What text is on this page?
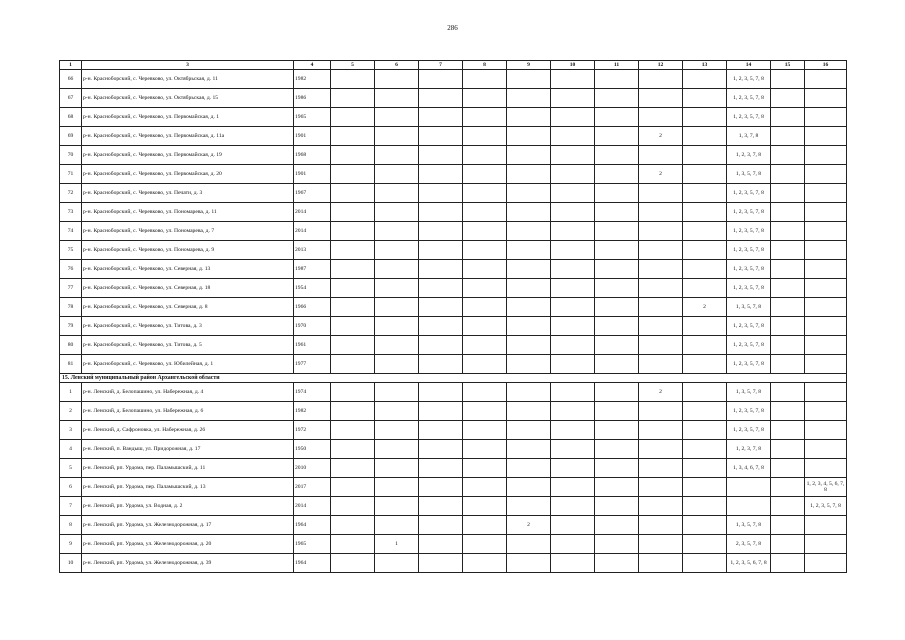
286
1	3	4	5	6	7	8	9	10	11	12	13	14	15	16
66	р-н. Красноборский, с. Черевково, ул. Октябрьская, д. 11	1982										1, 2, 3, 5, 7, 8		
67	р-н. Красноборский, с. Черевково, ул. Октябрьская, д. 15	1986										1, 2, 3, 5, 7, 8		
68	р-н. Красноборский, с. Черевково, ул. Первомайская, д. 1	1965										1, 2, 3, 5, 7, 8		
69	р-н. Красноборский, с. Черевково, ул. Первомайская, д. 11а	1901								2		1, 3, 7, 8		
70	р-н. Красноборский, с. Черевково, ул. Первомайская, д. 19	1968										1, 2, 3, 7, 8		
71	р-н. Красноборский, с. Черевково, ул. Первомайская, д. 20	1901								2		1, 3, 5, 7, 8		
72	р-н. Красноборский, с. Черевково, ул. Печати, д. 3	1967										1, 2, 3, 5, 7, 8		
73	р-н. Красноборский, с. Черевково, ул. Пономарева, д. 11	2014										1, 2, 3, 5, 7, 8		
74	р-н. Красноборский, с. Черевково, ул. Пономарева, д. 7	2014										1, 2, 3, 5, 7, 8		
75	р-н. Красноборский, с. Черевково, ул. Пономарева, д. 9	2013										1, 2, 3, 5, 7, 8		
76	р-н. Красноборский, с. Черевково, ул. Северная, д. 13	1987										1, 2, 3, 5, 7, 8		
77	р-н. Красноборский, с. Черевково, ул. Северная, д. 18	1954										1, 2, 3, 5, 7, 8		
78	р-н. Красноборский, с. Черевково, ул. Северная, д. 8	1966									2	1, 3, 5, 7, 8		
79	р-н. Красноборский, с. Черевково, ул. Титова, д. 3	1970										1, 2, 3, 5, 7, 8		
80	р-н. Красноборский, с. Черевково, ул. Титова, д. 5	1961										1, 2, 3, 5, 7, 8		
81	р-н. Красноборский, с. Черевково, ул. Юбилейная, д. 1	1977										1, 2, 3, 5, 7, 8		
15. Ленский муниципальный район Архангельской области														
1	р-н. Ленский, д. Белопашино, ул. Набережная, д. 4	1974								2		1, 3, 5, 7, 8		
2	р-н. Ленский, д. Белопашино, ул. Набережная, д. 6	1982										1, 2, 3, 5, 7, 8		
3	р-н. Ленский, д. Сафроновка, ул. Набережная, д. 26	1972										1, 2, 3, 5, 7, 8		
4	р-н. Ленский, п. Вандыш, ул. Придорожная, д. 17	1950										1, 2, 3, 7, 8		
5	р-н. Ленский, рп. Урдома, пер. Паламышский, д. 11	2010										1, 3, 4, 6, 7, 8		
6	р-н. Ленский, рп. Урдома, пер. Паламышский, д. 13	2017												1, 2, 3, 4, 5, 6, 7, 8
7	р-н. Ленский, рп. Урдома, ул. Водная, д. 2	2014												1, 2, 3, 5, 7, 8
8	р-н. Ленский, рп. Урдома, ул. Железнодорожная, д. 17	1964					2					1, 3, 5, 7, 8		
9	р-н. Ленский, рп. Урдома, ул. Железнодорожная, д. 20	1965		1								2, 3, 5, 7, 8		
10	р-н. Ленский, рп. Урдома, ул. Железнодорожная, д. 39	1964										1, 2, 3, 5, 6, 7, 8		
